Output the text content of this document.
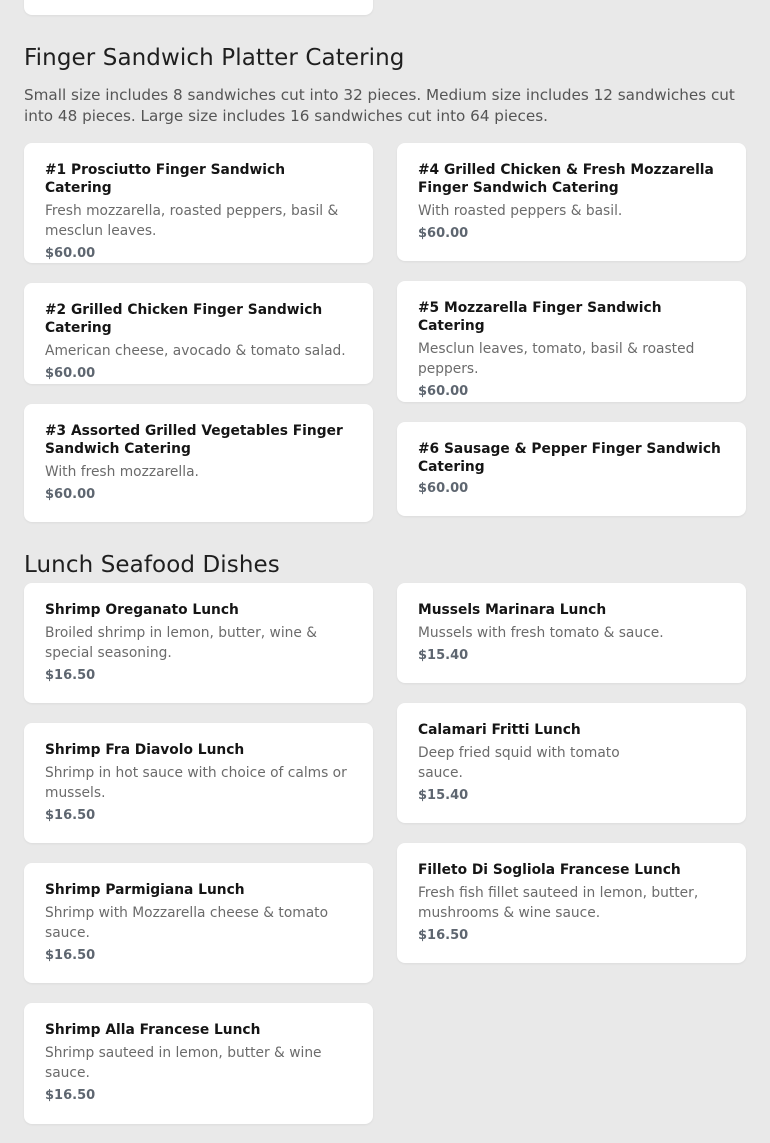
Finger Sandwich Platter Catering

Small size includes 8 sandwiches cut into 32 pieces. Medium size includes 12 sandwiches cut into 48 pieces. Large size includes 16 sandwiches cut into 64 pieces.

#1 Prosciutto Finger Sandwich Catering
Fresh mozzarella, roasted peppers, basil & mesclun leaves.
$60.00
#2 Grilled Chicken Finger Sandwich Catering
American cheese, avocado & tomato salad.
$60.00
#3 Assorted Grilled Vegetables Finger Sandwich Catering
With fresh mozzarella.
$60.00
#4 Grilled Chicken & Fresh Mozzarella Finger Sandwich Catering
With roasted peppers & basil.
$60.00
#5 Mozzarella Finger Sandwich Catering
Mesclun leaves, tomato, basil & roasted peppers.
$60.00
#6 Sausage & Pepper Finger Sandwich Catering
$60.00
Lunch Seafood Dishes
Shrimp Oreganato Lunch
Broiled shrimp in lemon, butter, wine & special seasoning.
$16.50
Shrimp Fra Diavolo Lunch
Shrimp in hot sauce with choice of calms or mussels.
$16.50
Shrimp Parmigiana Lunch
Shrimp with Mozzarella cheese & tomato sauce.
$16.50
Shrimp Alla Francese Lunch
Shrimp sauteed in lemon, butter & wine sauce.
$16.50
Mussels Marinara Lunch
Mussels with fresh tomato & sauce.
$15.40
Calamari Fritti Lunch
Deep fried squid with tomato sauce.
$15.40
Filleto Di Sogliola Francese Lunch
Fresh fish fillet sauteed in lemon, butter, mushrooms & wine sauce.
$16.50
